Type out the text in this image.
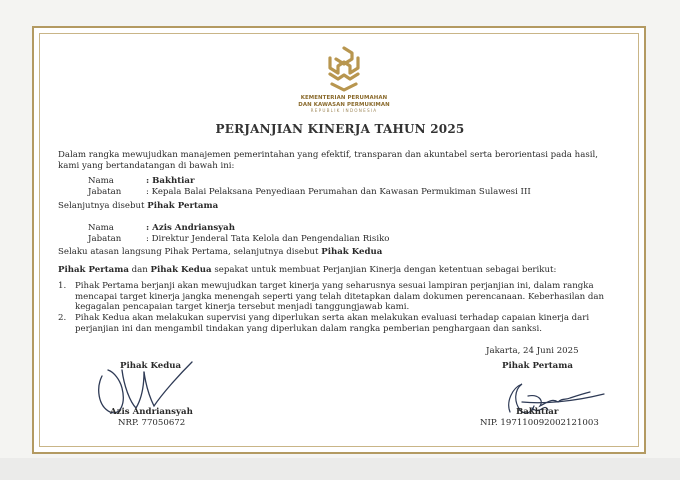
KEMENTERIAN PERUMAHAN
DAN KAWASAN PERMUKIMAN
REPUBLIK INDONESIA
PERJANJIAN KINERJA TAHUN 2025
Dalam rangka mewujudkan manajemen pemerintahan yang efektif, transparan dan akuntabel serta berorientasi pada hasil,
kami yang bertandatangan di bawah ini:
Nama	: Bakhtiar
Jabatan	: Kepala Balai Pelaksana Penyediaan Perumahan dan Kawasan Permukiman Sulawesi III
Selanjutnya disebut Pihak Pertama
Nama	: Azis Andriansyah
Jabatan	: Direktur Jenderal Tata Kelola dan Pengendalian Risiko
Selaku atasan langsung Pihak Pertama, selanjutnya disebut Pihak Kedua
Pihak Pertama dan Pihak Kedua sepakat untuk membuat Perjanjian Kinerja dengan ketentuan sebagai berikut:
1. Pihak Pertama berjanji akan mewujudkan target kinerja yang seharusnya sesuai lampiran perjanjian ini, dalam rangka
mencapai target kinerja jangka menengah seperti yang telah ditetapkan dalam dokumen perencanaan. Keberhasilan dan
kegagalan pencapaian target kinerja tersebut menjadi tanggungjawab kami.
2. Pihak Kedua akan melakukan supervisi yang diperlukan serta akan melakukan evaluasi terhadap capaian kinerja dari
perjanjian ini dan mengambil tindakan yang diperlukan dalam rangka pemberian penghargaan dan sanksi.
Jakarta, 24 Juni 2025
Pihak Kedua
Azis Andriansyah
NRP. 77050672
Pihak Pertama
Bakhtiar
NIP. 197110092002121003
